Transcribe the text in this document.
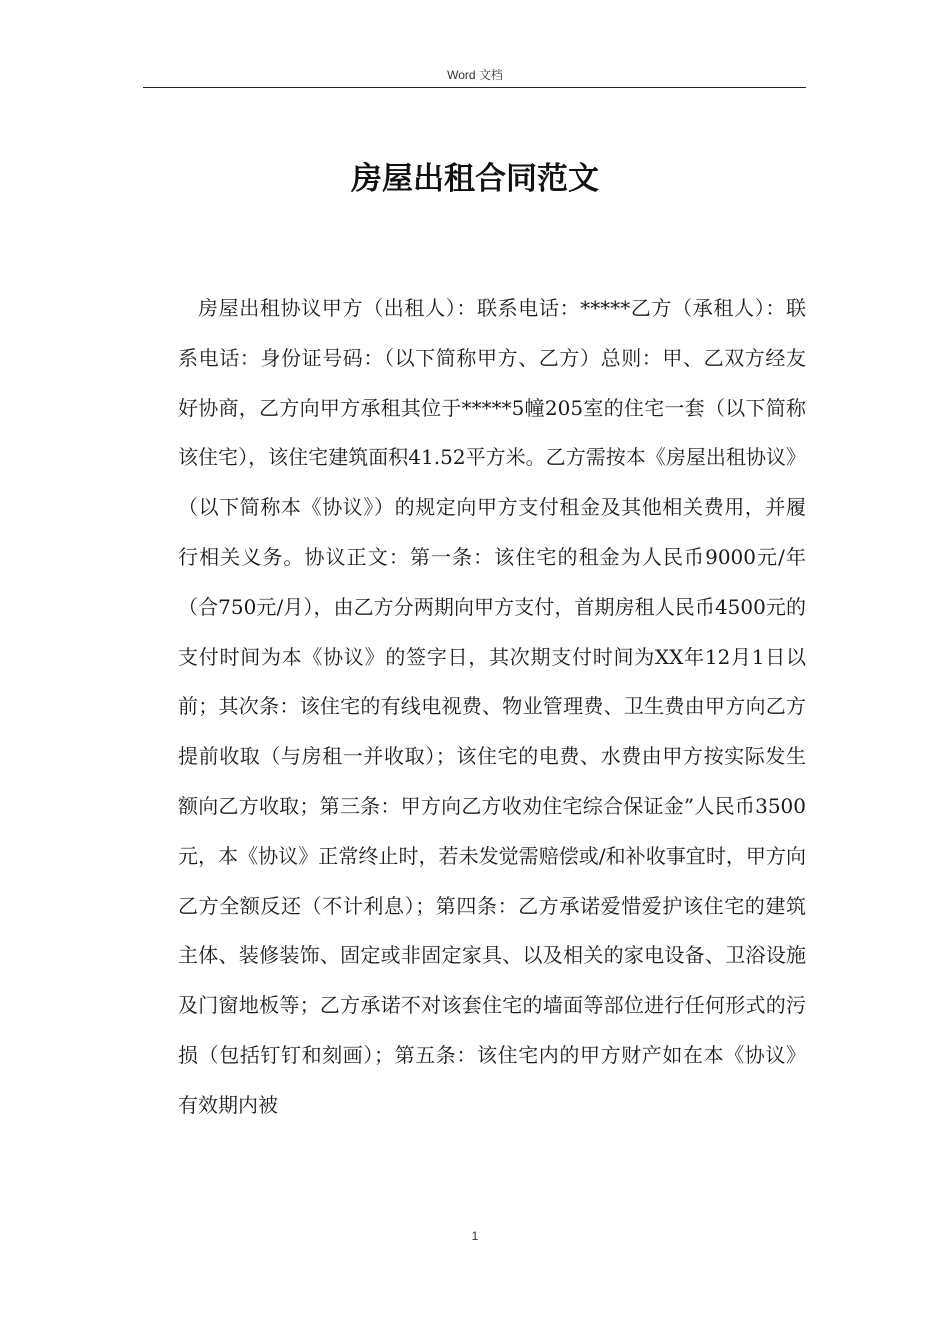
Word 文档
房屋出租合同范文

房屋出租协议甲方（出租人）：联系电话：*****乙方（承租人）：联系电话：身份证号码：（以下简称甲方、乙方）总则：甲、乙双方经友好协商，乙方向甲方承租其位于*****5幢205室的住宅一套（以下简称该住宅），该住宅建筑面积41.52平方米。乙方需按本《房屋出租协议》（以下简称本《协议》）的规定向甲方支付租金及其他相关费用，并履行相关义务。协议正文：第一条：该住宅的租金为人民币9000元/年（合750元/月），由乙方分两期向甲方支付，首期房租人民币4500元的支付时间为本《协议》的签字日，其次期支付时间为XX年12月1日以前；其次条：该住宅的有线电视费、物业管理费、卫生费由甲方向乙方提前收取（与房租一并收取）；该住宅的电费、水费由甲方按实际发生额向乙方收取；第三条：甲方向乙方收劝住宅综合保证金”人民币3500元，本《协议》正常终止时，若未发觉需赔偿或/和补收事宜时，甲方向乙方全额反还（不计利息）；第四条：乙方承诺爱惜爱护该住宅的建筑主体、装修装饰、固定或非固定家具、以及相关的家电设备、卫浴设施及门窗地板等；乙方承诺不对该套住宅的墙面等部位进行任何形式的污损（包括钉钉和刻画）；第五条：该住宅内的甲方财产如在本《协议》有效期内被

1
